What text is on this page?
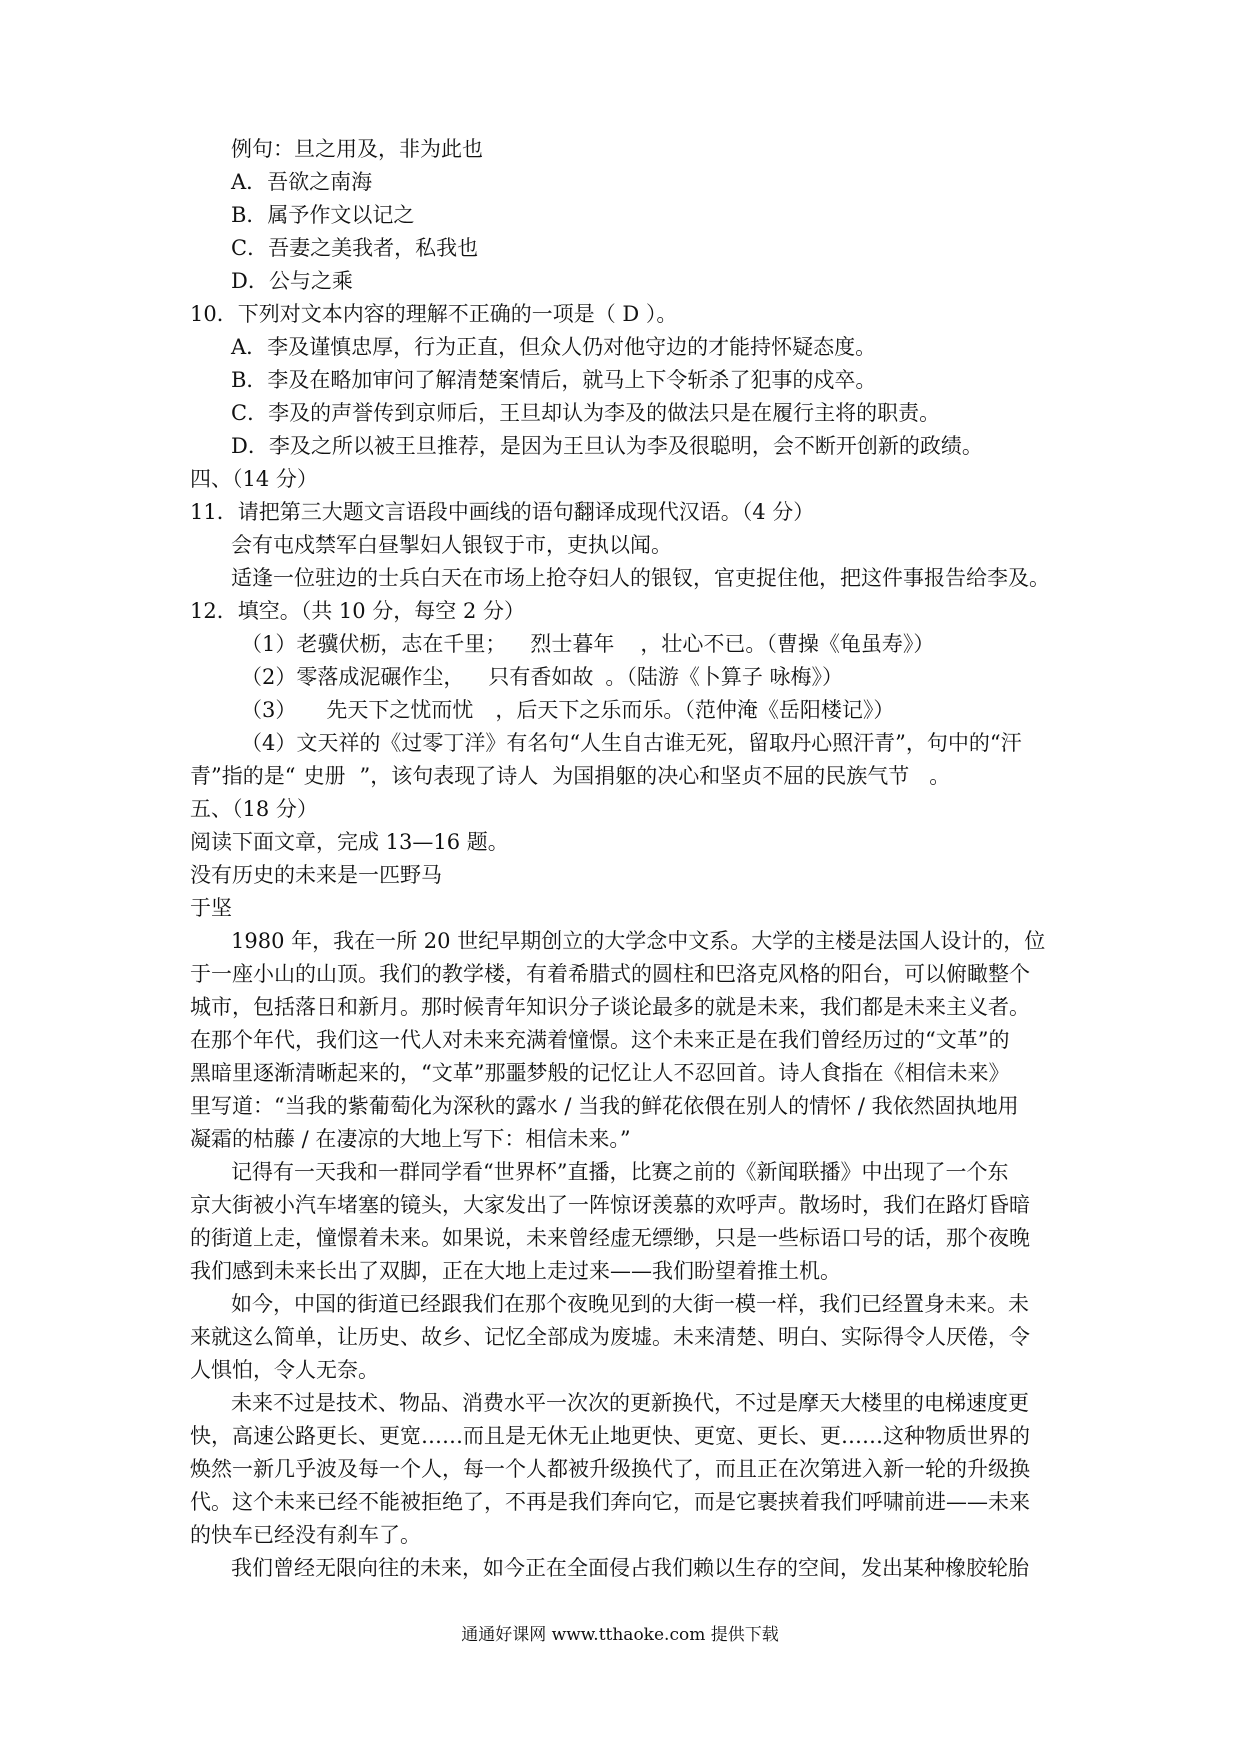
例句：旦之用及，非为此也
A．吾欲之南海
B．属予作文以记之
C．吾妻之美我者，私我也
D．公与之乘
10．下列对文本内容的理解不正确的一项是（ D ）。
A．李及谨慎忠厚，行为正直，但众人仍对他守边的才能持怀疑态度。
B．李及在略加审问了解清楚案情后，就马上下令斩杀了犯事的戍卒。
C．李及的声誉传到京师后，王旦却认为李及的做法只是在履行主将的职责。
D．李及之所以被王旦推荐，是因为王旦认为李及很聪明，会不断开创新的政绩。
四、（14 分）
11．请把第三大题文言语段中画线的语句翻译成现代汉语。（4 分）
会有屯戍禁军白昼掣妇人银钗于市，吏执以闻。
适逢一位驻边的士兵白天在市场上抢夺妇人的银钗，官吏捉住他，把这件事报告给李及。
12．填空。（共 10 分，每空 2 分）
（1）老骥伏枥，志在千里； 烈士暮年 ，壮心不已。（曹操《龟虽寿》）
（2）零落成泥碾作尘， 只有香如故 。（陆游《卜算子 咏梅》）
（3） 先天下之忧而忧 ，后天下之乐而乐。（范仲淹《岳阳楼记》）
（4）文天祥的《过零丁洋》有名句“人生自古谁无死，留取丹心照汗青”，句中的“汗
青”指的是“ 史册 ”，该句表现了诗人 为国捐躯的决心和坚贞不屈的民族气节 。
五、（18 分）
阅读下面文章，完成 13—16 题。
没有历史的未来是一匹野马
于坚
1980 年，我在一所 20 世纪早期创立的大学念中文系。大学的主楼是法国人设计的，位
于一座小山的山顶。我们的教学楼，有着希腊式的圆柱和巴洛克风格的阳台，可以俯瞰整个
城市，包括落日和新月。那时候青年知识分子谈论最多的就是未来，我们都是未来主义者。
在那个年代，我们这一代人对未来充满着憧憬。这个未来正是在我们曾经历过的“文革”的
黑暗里逐渐清晰起来的，“文革”那噩梦般的记忆让人不忍回首。诗人食指在《相信未来》
里写道：“当我的紫葡萄化为深秋的露水 / 当我的鲜花依偎在别人的情怀 / 我依然固执地用
凝霜的枯藤 / 在凄凉的大地上写下：相信未来。”
记得有一天我和一群同学看“世界杯”直播，比赛之前的《新闻联播》中出现了一个东
京大街被小汽车堵塞的镜头，大家发出了一阵惊讶羡慕的欢呼声。散场时，我们在路灯昏暗
的街道上走，憧憬着未来。如果说，未来曾经虚无缥缈，只是一些标语口号的话，那个夜晚
我们感到未来长出了双脚，正在大地上走过来——我们盼望着推土机。
如今，中国的街道已经跟我们在那个夜晚见到的大街一模一样，我们已经置身未来。未
来就这么简单，让历史、故乡、记忆全部成为废墟。未来清楚、明白、实际得令人厌倦，令
人惧怕，令人无奈。
未来不过是技术、物品、消费水平一次次的更新换代，不过是摩天大楼里的电梯速度更
快，高速公路更长、更宽……而且是无休无止地更快、更宽、更长、更……这种物质世界的
焕然一新几乎波及每一个人，每一个人都被升级换代了，而且正在次第进入新一轮的升级换
代。这个未来已经不能被拒绝了，不再是我们奔向它，而是它裹挟着我们呼啸前进——未来
的快车已经没有刹车了。
我们曾经无限向往的未来，如今正在全面侵占我们赖以生存的空间，发出某种橡胶轮胎
通通好课网 www.tthaoke.com 提供下载
